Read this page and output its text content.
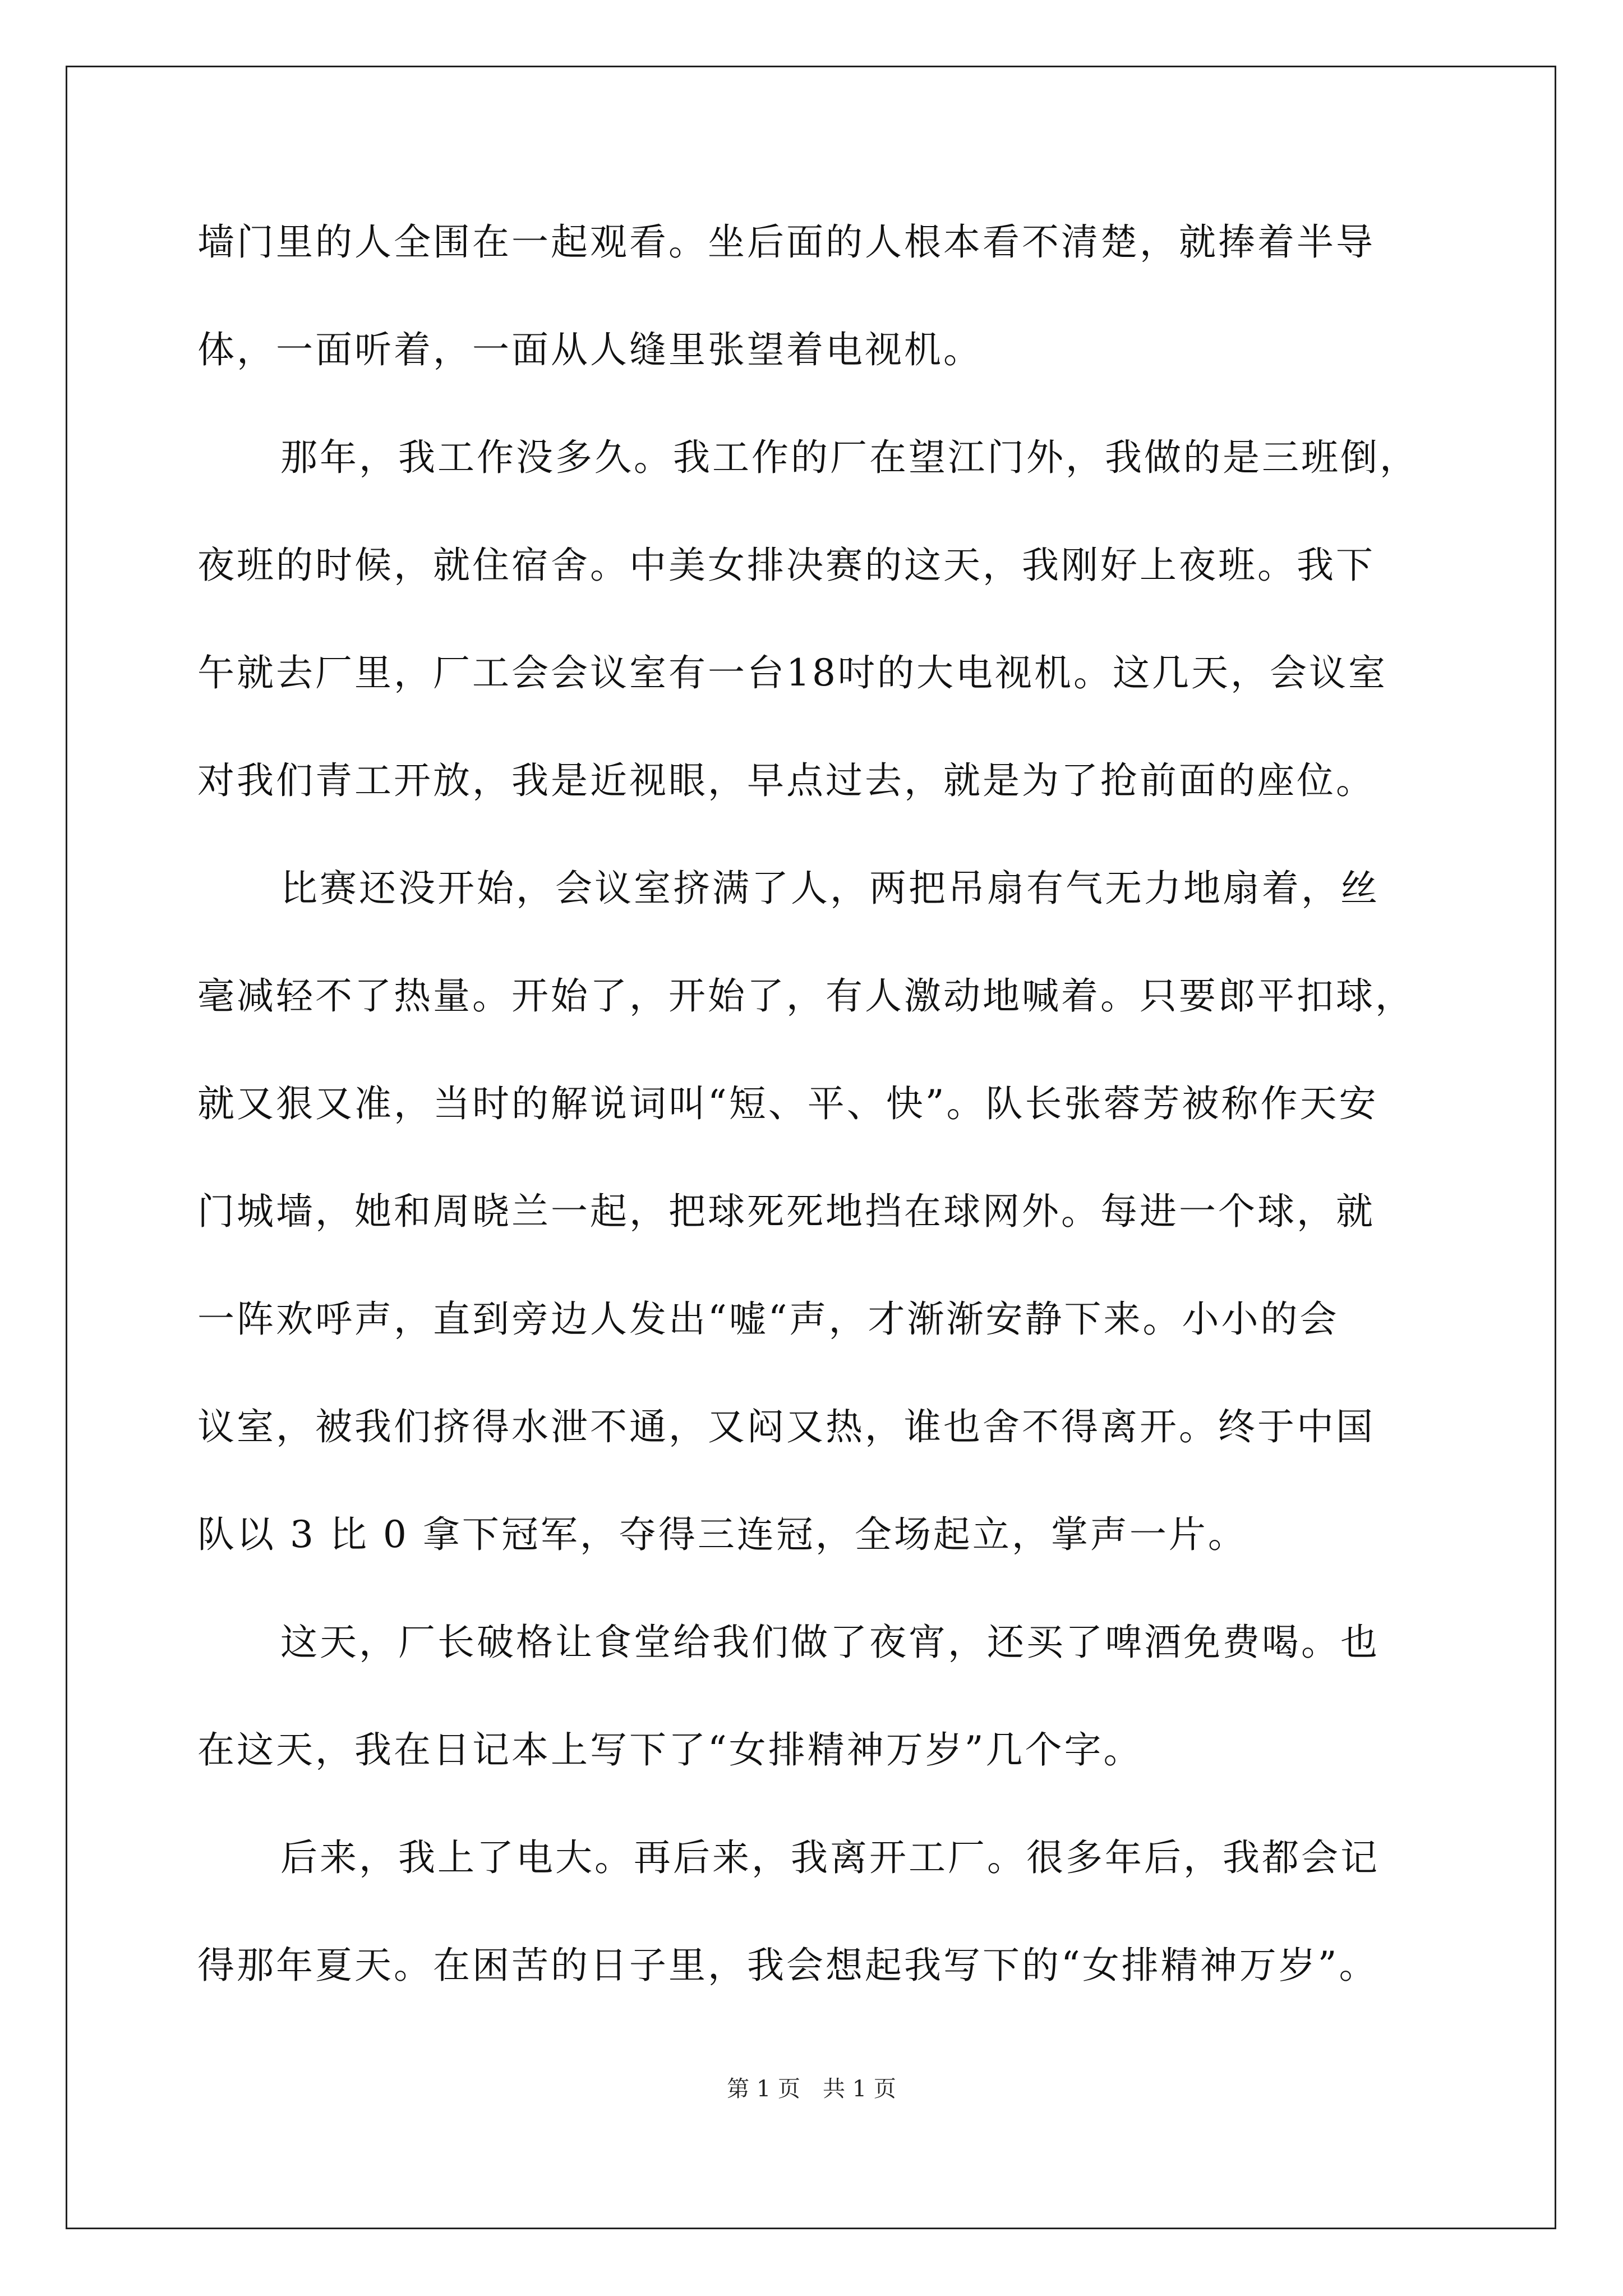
墙门里的人全围在一起观看。坐后面的人根本看不清楚，就捧着半导
体，一面听着，一面从人缝里张望着电视机。
那年，我工作没多久。我工作的厂在望江门外，我做的是三班倒，
夜班的时候，就住宿舍。中美女排决赛的这天，我刚好上夜班。我下
午就去厂里，厂工会会议室有一台18吋的大电视机。这几天，会议室
对我们青工开放，我是近视眼，早点过去，就是为了抢前面的座位。
比赛还没开始，会议室挤满了人，两把吊扇有气无力地扇着，丝
毫减轻不了热量。开始了，开始了，有人激动地喊着。只要郎平扣球，
就又狠又准，当时的解说词叫“短、平、快”。队长张蓉芳被称作天安
门城墙，她和周晓兰一起，把球死死地挡在球网外。每进一个球，就
一阵欢呼声，直到旁边人发出“嘘“声，才渐渐安静下来。小小的会
议室，被我们挤得水泄不通，又闷又热，谁也舍不得离开。终于中国
队以 3 比 0 拿下冠军，夺得三连冠，全场起立，掌声一片。
这天，厂长破格让食堂给我们做了夜宵，还买了啤酒免费喝。也
在这天，我在日记本上写下了“女排精神万岁”几个字。
后来，我上了电大。再后来，我离开工厂。很多年后，我都会记
得那年夏天。在困苦的日子里，我会想起我写下的“女排精神万岁”。
第 1 页　共 1 页
